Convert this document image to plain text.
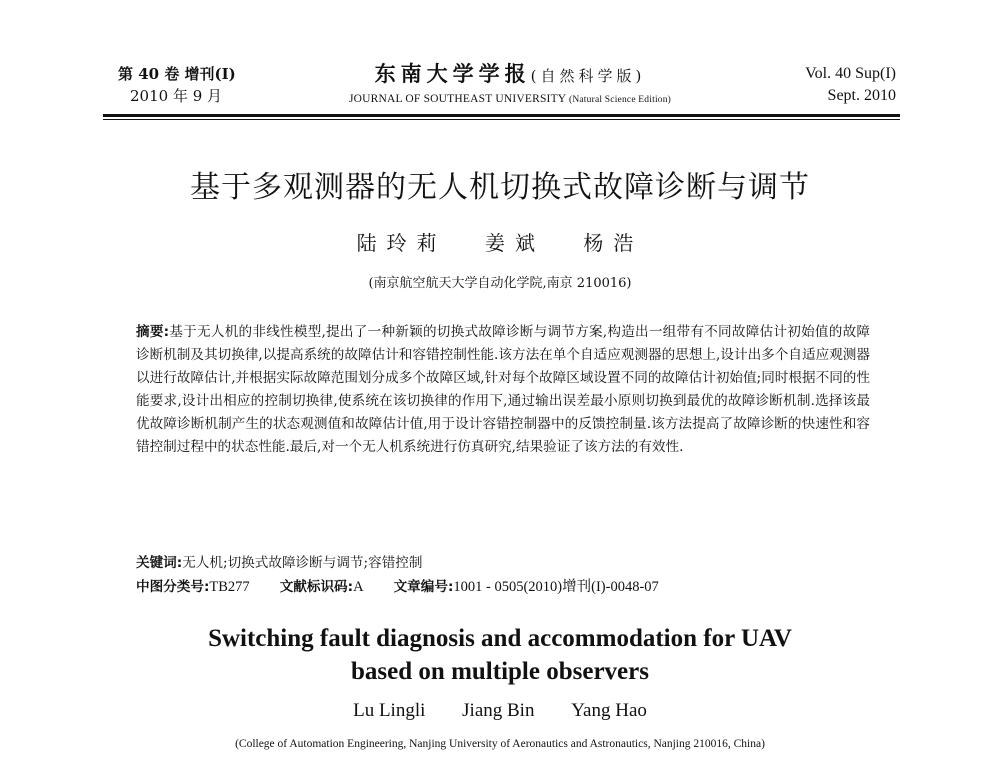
第 40 卷 增刊(I)
2010 年 9 月
东南大学学报(自然科学版)
JOURNAL OF SOUTHEAST UNIVERSITY (Natural Science Edition)
Vol. 40 Sup(I)
Sept. 2010
基于多观测器的无人机切换式故障诊断与调节
陆玲莉 姜斌 杨浩
(南京航空航天大学自动化学院,南京 210016)
摘要:基于无人机的非线性模型,提出了一种新颖的切换式故障诊断与调节方案,构造出一组带有不同故障估计初始值的故障诊断机制及其切换律,以提高系统的故障估计和容错控制性能.该方法在单个自适应观测器的思想上,设计出多个自适应观测器以进行故障估计,并根据实际故障范围划分成多个故障区域,针对每个故障区域设置不同的故障估计初始值;同时根据不同的性能要求,设计出相应的控制切换律,使系统在该切换律的作用下,通过输出误差最小原则切换到最优的故障诊断机制.选择该最优故障诊断机制产生的状态观测值和故障估计值,用于设计容错控制器中的反馈控制量.该方法提高了故障诊断的快速性和容错控制过程中的状态性能.最后,对一个无人机系统进行仿真研究,结果验证了该方法的有效性.
关键词:无人机;切换式故障诊断与调节;容错控制
中图分类号:TB277 文献标识码:A 文章编号:1001 - 0505(2010)增刊(I)-0048-07
Switching fault diagnosis and accommodation for UAV
based on multiple observers
Lu Lingli Jiang Bin Yang Hao
(College of Automation Engineering, Nanjing University of Aeronautics and Astronautics, Nanjing 210016, China)
